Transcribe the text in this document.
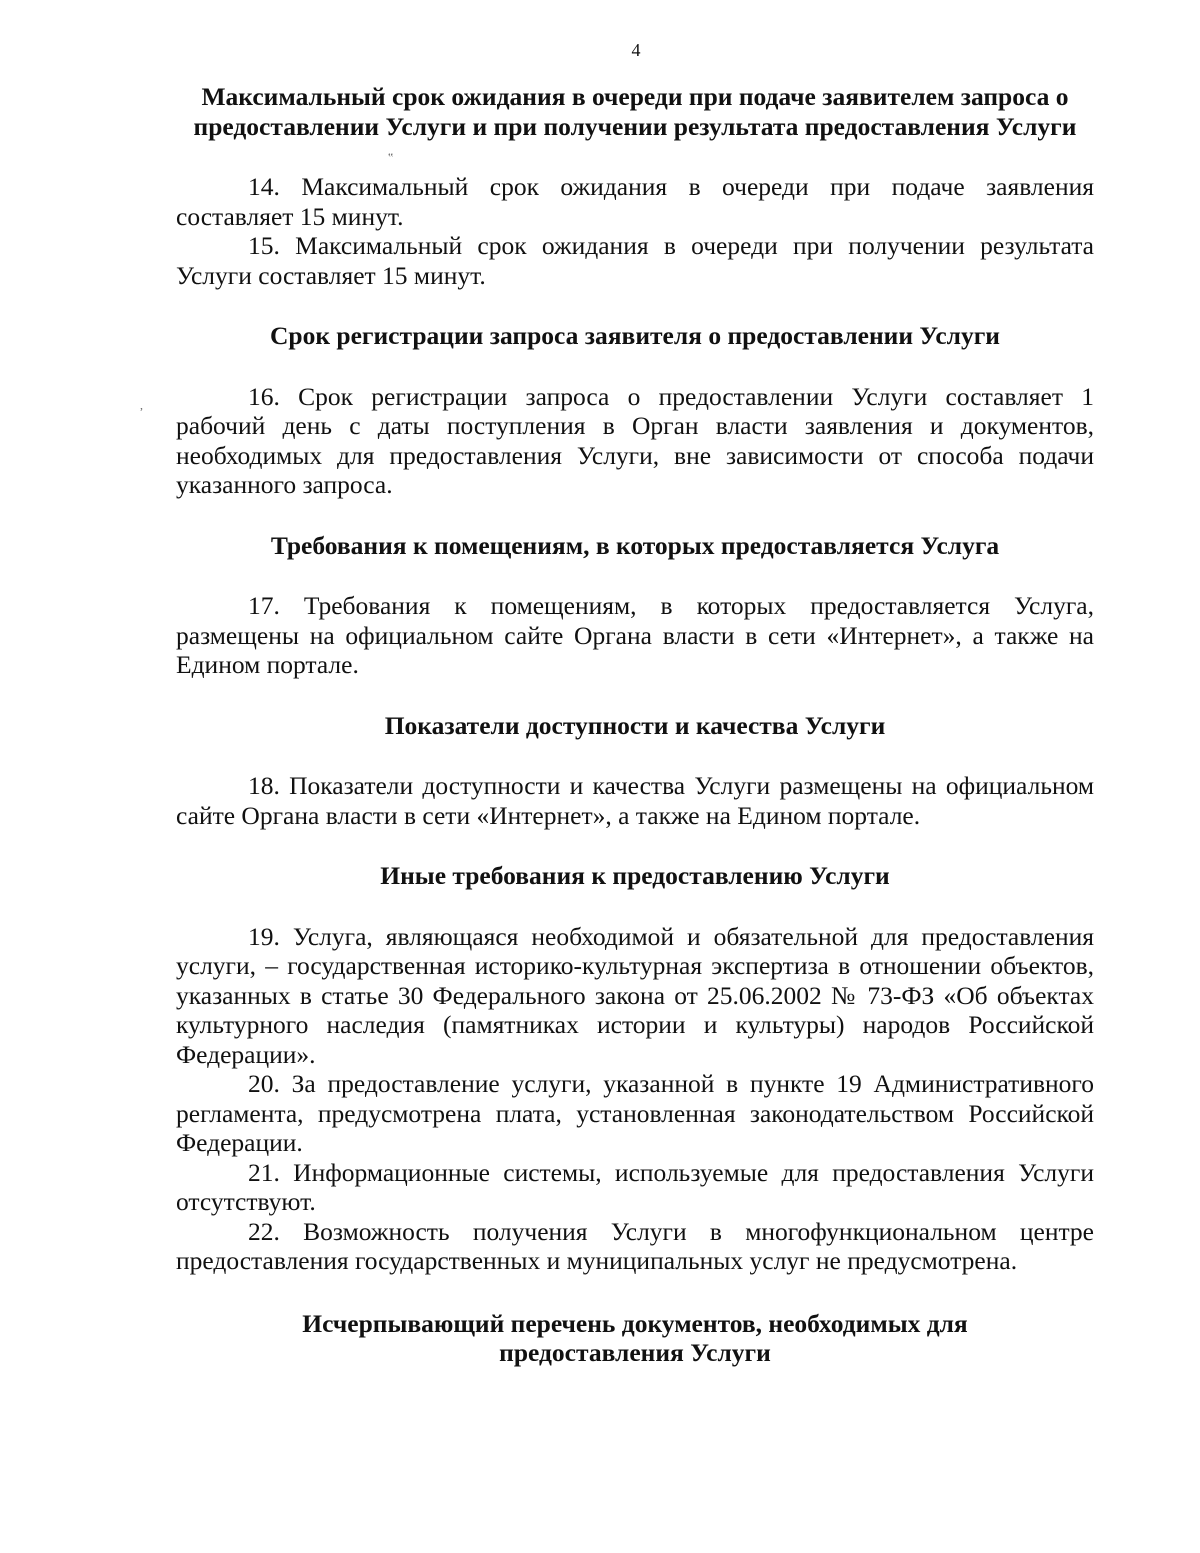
4
‟
,
Максимальный срок ожидания в очереди при подаче заявителем запроса о предоставлении Услуги и при получении результата предоставления Услуги

14. Максимальный срок ожидания в очереди при подаче заявления составляет 15 минут.

15. Максимальный срок ожидания в очереди при получении результата Услуги составляет 15 минут.

Срок регистрации запроса заявителя о предоставлении Услуги

16. Срок регистрации запроса о предоставлении Услуги составляет 1 рабочий день с даты поступления в Орган власти заявления и документов, необходимых для предоставления Услуги, вне зависимости от способа подачи указанного запроса.

Требования к помещениям, в которых предоставляется Услуга

17. Требования к помещениям, в которых предоставляется Услуга, размещены на официальном сайте Органа власти в сети «Интернет», а также на Едином портале.

Показатели доступности и качества Услуги

18. Показатели доступности и качества Услуги размещены на официальном сайте Органа власти в сети «Интернет», а также на Едином портале.

Иные требования к предоставлению Услуги

19. Услуга, являющаяся необходимой и обязательной для предоставления услуги, – государственная историко-культурная экспертиза в отношении объектов, указанных в статье 30 Федерального закона от 25.06.2002 № 73-ФЗ «Об объектах культурного наследия (памятниках истории и культуры) народов Российской Федерации».

20. За предоставление услуги, указанной в пункте 19 Административного регламента, предусмотрена плата, установленная законодательством Российской Федерации.

21. Информационные системы, используемые для предоставления Услуги отсутствуют.

22. Возможность получения Услуги в многофункциональном центре предоставления государственных и муниципальных услуг не предусмотрена.

Исчерпывающий перечень документов, необходимых для
предоставления Услуги
